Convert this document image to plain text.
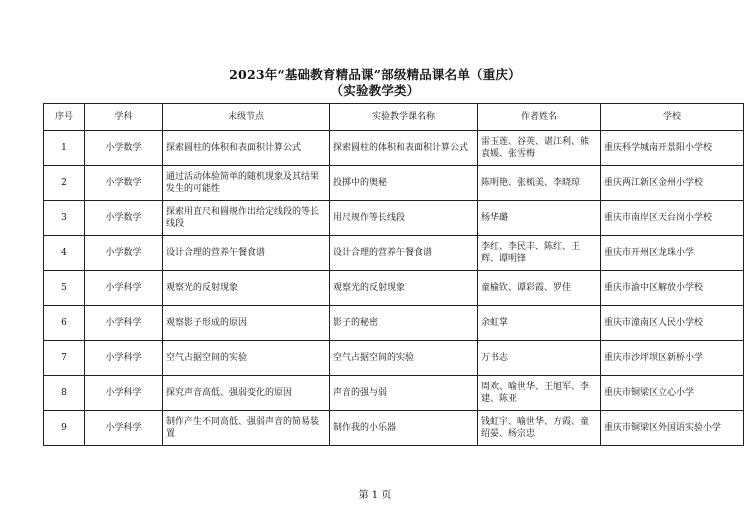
2023年“基础教育精品课”部级精品课名单（重庆）
（实验教学类）
序号	学科	末级节点	实验教学课名称	作者姓名	学校
1	小学数学	探索圆柱的体积和表面积计算公式	探索圆柱的体积和表面积计算公式	雷玉莲、谷英、谌江利、熊袁媛、张雪梅	重庆科学城南开景阳小学校
2	小学数学	通过活动体验简单的随机现象及其结果发生的可能性	投掷中的奥秘	陈明艳、张梳美、李晓琼	重庆两江新区金州小学校
3	小学数学	探索用直尺和圆规作出给定线段的等长线段	用尺规作等长线段	杨华璐	重庆市南岸区天台岗小学校
4	小学数学	设计合理的营养午餐食谱	设计合理的营养午餐食谱	李红、李民丰、陈红、王辉、谭明锋	重庆市开州区龙珠小学
5	小学科学	观察光的反射现象	观察光的反射现象	童榆钦、谭彩霞、罗佳	重庆市渝中区解放小学校
6	小学科学	观察影子形成的原因	影子的秘密	余虹掌	重庆市潼南区人民小学校
7	小学科学	空气占据空间的实验	空气占据空间的实验	万书志	重庆市沙坪坝区新桥小学
8	小学科学	探究声音高低、强弱变化的原因	声音的强与弱	周欢、喻世华、王旭军、李建、陈亚	重庆市铜梁区立心小学
9	小学科学	制作产生不同高低、强弱声音的简易装置	制作我的小乐器	钱虹宇、喻世华、方霞、童绍晏、杨宗忠	重庆市铜梁区外国语实验小学
第 1 页
